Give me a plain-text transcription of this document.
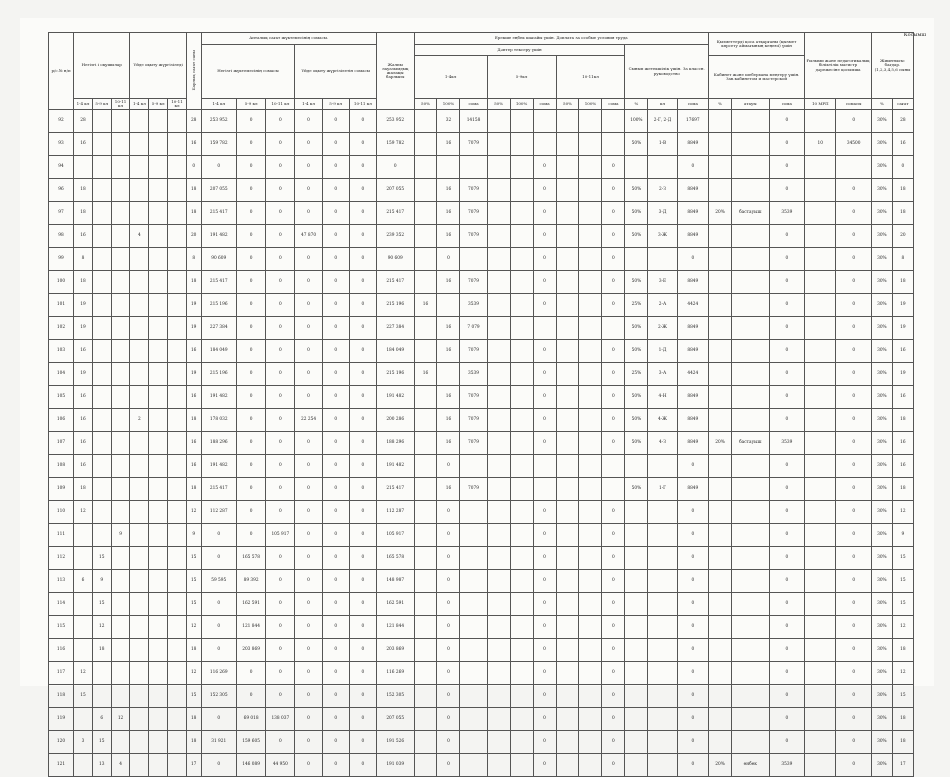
Косымш
р/с.№ н/п	Негізгі і оқушылар			Үйде оқыту жүргізіледі			Барлық сағат саны	Апталық сағат жүктемесінің сомасы.						Жалпы лауазымдық жалақы барлығы	Ерекше еңбек шағайы үшін. Доплата за особые условия труда												Қызметтерді қоса атқарғаны (қызмет көрсету аймағының кеңеюі) үшін			Ғылыми және педагогикалық біліктілік магистр дәрежесіне қосымша		Жиынтығы: бағдар. (1,2,3,4,5,6 сыны	
								Негізгі жүктемесінің сомасы			Үйде оқыту жүргізілетін сомасы				Дәптер тексеру үшін									Сынып жетекшілік үшін. За классн. руководство									
															1-4кл			5-9кл			10-11кл						Кабинет және шеберхана меңгеру үшін. Зав.кабинетом и мастерской						
	1-4 кл	5-9 кл	10-11 кл	1-4 кл	5-9 кл	10-11 кл		1-4 кл	5-9 кл	10-11 кл	1-4 кл	5-9 кл	10-11 кл		50%	100%	сома	50%	100%	сома	50%	100%	сома	%	кл	сома	%	атауы	сома	10 МРП	сомасы	%	сағат
92	28						28	253 952	0	0	0	0	0	253 952		32	14158							100%	2-Г, 2-Д	17697			0		0	30%	28
93	16						16	159 782	0	0	0	0	0	159 782		16	7079							50%	1-В	8849			0	10	34500	30%	16
94							0	0	0	0	0	0	0	0						0			0			0			0			30%	0
96	18						18	207 055	0	0	0	0	0	207 055		16	7079			0			0	50%	2-З	8849			0		0	30%	18
97	18						18	215 417	0	0	0	0	0	215 417		16	7079			0			0	50%	3-Д	8849	20%	бастауыш	3539		0	30%	18
98	16			4			20	191 482	0	0	47 870	0	0	239 352		16	7079			0			0	50%	3-Ж	8849			0		0	30%	20
99	8						8	90 609	0	0	0	0	0	90 609		0				0			0			0			0		0	30%	8
100	18						18	215 417	0	0	0	0	0	215 417		16	7079			0			0	50%	3-Е	8849			0		0	30%	18
101	19						19	215 196	0	0	0	0	0	215 196	16		3539			0			0	25%	2-А	4424			0		0	30%	19
102	19						19	227 384	0	0	0	0	0	227 384		16	7 079							50%	2-Ж	8849			0		0	30%	19
103	16						16	184 049	0	0	0	0	0	184 049		16	7079			0			0	50%	1-Д	8849			0		0	30%	16
104	19						19	215 196	0	0	0	0	0	215 196	16		3539			0			0	25%	3-А	4424			0		0	30%	19
105	16						16	191 482	0	0	0	0	0	191 482		16	7079			0			0	50%	4-Н	8849			0		0	30%	16
106	16			2			18	178 032	0	0	22 254	0	0	200 286		16	7079			0			0	50%	4-Ж	8849			0		0	30%	18
107	16						16	188 296	0	0	0	0	0	188 296		16	7079			0			0	50%	4-З	8849	20%	бастауыш	3539		0	30%	16
108	16						16	191 482	0	0	0	0	0	191 482		0										0			0		0	30%	16
109	18						18	215 417	0	0	0	0	0	215 417		16	7079							50%	1-Г	8849			0		0	30%	18
110	12						12	112 287	0	0	0	0	0	112 287		0				0			0			0			0		0	30%	12
111			9				9	0	0	105 917	0	0	0	105 917		0				0			0			0			0		0	30%	9
112		15					15	0	165 578	0	0	0	0	165 578		0				0			0			0			0		0	30%	15
113	6	9					15	59 595	89 392	0	0	0	0	148 987		0				0			0			0			0		0	30%	15
114		15					15	0	162 591	0	0	0	0	162 591		0				0			0			0			0		0	30%	15
115		12					12	0	121 844	0	0	0	0	121 844		0				0			0			0			0		0	30%	12
116		18					18	0	203 869	0	0	0	0	203 869		0				0			0			0			0		0	30%	18
117	12						12	116 269	0	0	0	0	0	116 269		0				0			0			0			0		0	30%	12
118	15						15	152 305	0	0	0	0	0	152 305		0				0			0			0			0		0	30%	15
119		6	12				18	0	69 018	138 037	0	0	0	207 055		0				0			0			0			0		0	30%	18
120	3	15					18	31 921	159 605	0	0	0	0	191 526		0				0			0			0			0		0	30%	18
121		13	4				17	0	146 089	44 950	0	0	0	191 039		0				0			0			0	20%	өнбек	3539		0	30%	17
